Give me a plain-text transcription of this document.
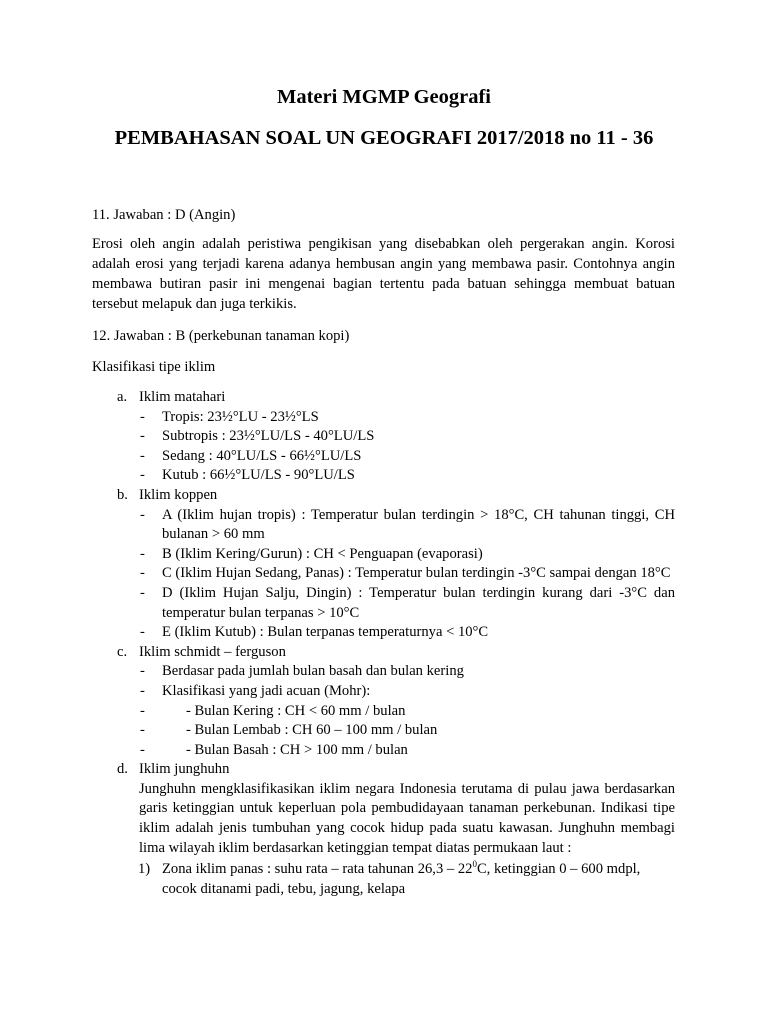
Materi MGMP Geografi
PEMBAHASAN SOAL UN GEOGRAFI 2017/2018 no 11 - 36

11. Jawaban : D (Angin)

Erosi oleh angin adalah peristiwa pengikisan yang disebabkan oleh pergerakan angin. Korosi adalah erosi yang terjadi karena adanya hembusan angin yang membawa pasir. Contohnya angin membawa butiran pasir ini mengenai bagian tertentu pada batuan sehingga membuat batuan tersebut melapuk dan juga terkikis.

12. Jawaban : B (perkebunan tanaman kopi)

Klasifikasi tipe iklim

a. Iklim matahari
- Tropis: 23½°LU - 23½°LS
- Subtropis : 23½°LU/LS - 40°LU/LS
- Sedang : 40°LU/LS - 66½°LU/LS
- Kutub : 66½°LU/LS - 90°LU/LS
b. Iklim koppen
- A (Iklim hujan tropis) : Temperatur bulan terdingin > 18°C, CH tahunan tinggi, CH bulanan > 60 mm
- B (Iklim Kering/Gurun) : CH < Penguapan (evaporasi)
- C (Iklim Hujan Sedang, Panas) : Temperatur bulan terdingin -3°C sampai dengan 18°C
- D (Iklim Hujan Salju, Dingin) : Temperatur bulan terdingin kurang dari -3°C dan temperatur bulan terpanas > 10°C
- E (Iklim Kutub) : Bulan terpanas temperaturnya < 10°C
c. Iklim schmidt – ferguson
- Berdasar pada jumlah bulan basah dan bulan kering
- Klasifikasi yang jadi acuan (Mohr):
-	- Bulan Kering : CH < 60 mm / bulan
-	- Bulan Lembab : CH 60 – 100 mm / bulan
-	- Bulan Basah : CH > 100 mm / bulan
d. Iklim junghuhn
Junghuhn mengklasifikasikan iklim negara Indonesia terutama di pulau jawa berdasarkan garis ketinggian untuk keperluan pola pembudidayaan tanaman perkebunan. Indikasi tipe iklim adalah jenis tumbuhan yang cocok hidup pada suatu kawasan. Junghuhn membagi lima wilayah iklim berdasarkan ketinggian tempat diatas permukaan laut :
1) Zona iklim panas : suhu rata – rata tahunan $26,3 - 22^0C$, ketinggian 0 – 600 mdpl, cocok ditanami padi, tebu, jagung, kelapa
